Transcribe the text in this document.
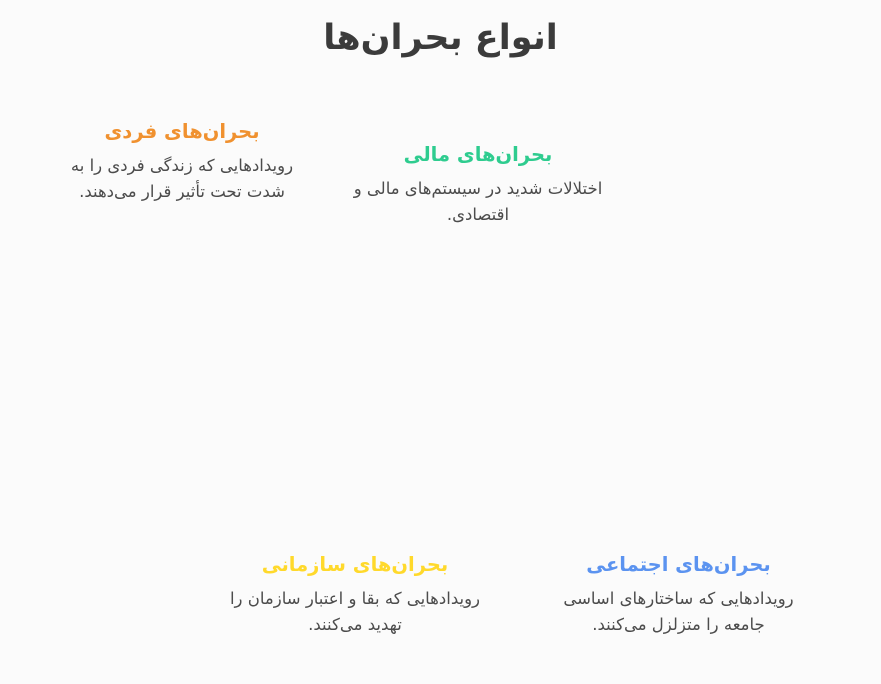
انواع بحران‌ها
بحران‌های فردی
رویدادهایی که زندگی فردی را به شدت تحت تأثیر قرار می‌دهند.
بحران‌های مالی
اختلالات شدید در سیستم‌های مالی و اقتصادی.
بحران‌های سازمانی
رویدادهایی که بقا و اعتبار سازمان را تهدید می‌کنند.
بحران‌های اجتماعی
رویدادهایی که ساختارهای اساسی جامعه را متزلزل می‌کنند.
